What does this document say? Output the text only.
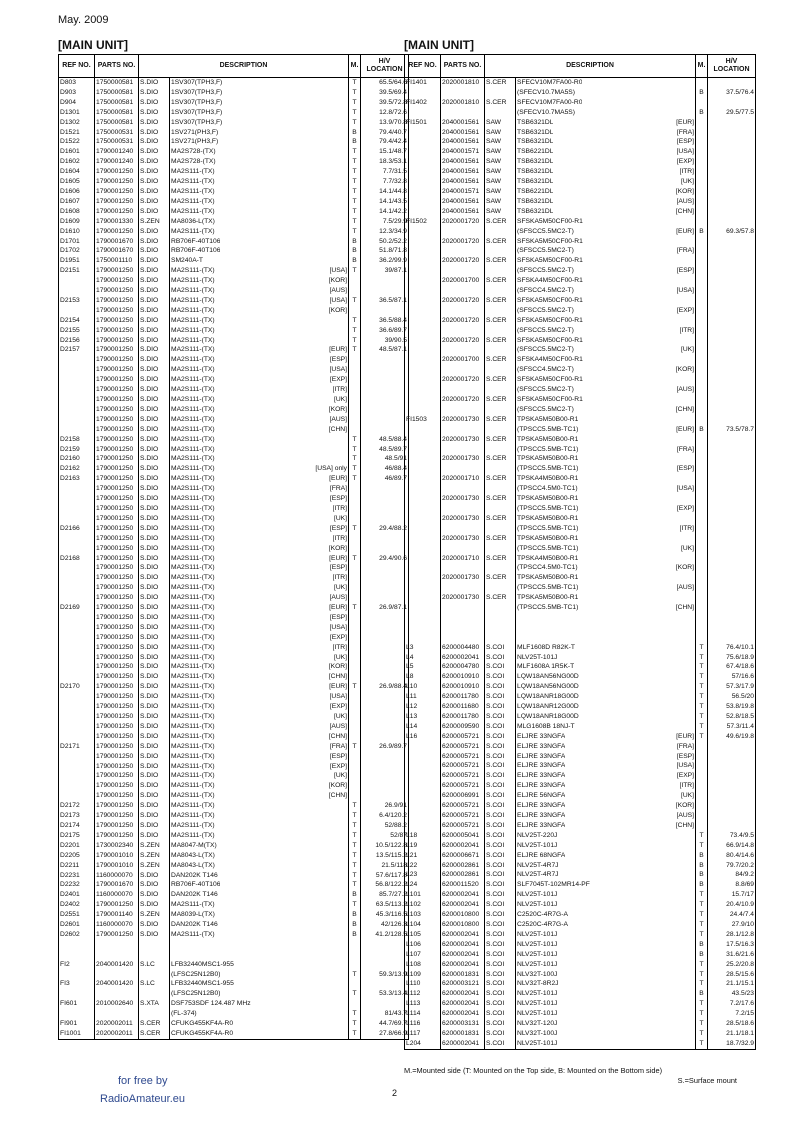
May. 2009
[MAIN UNIT]
REF NO.	PARTS NO.	DESCRIPTION		M.	H/V LOCATION
D803	1750000581	S.DIO	1SV307(TPH3,F)	T	65.5/64.6
D903	1750000581	S.DIO	1SV307(TPH3,F)	T	39.5/69.4
D904	1750000581	S.DIO	1SV307(TPH3,F)	T	39.5/72.8
D1301	1750000581	S.DIO	1SV307(TPH3,F)	T	12.8/72.6
D1302	1750000581	S.DIO	1SV307(TPH3,F)	T	13.9/70.8
D1521	1750000531	S.DIO	1SV271(PH3,F)	B	79.4/40.7
D1522	1750000531	S.DIO	1SV271(PH3,F)	B	79.4/42.4
D1601	1790001240	S.DIO	MA2S728-(TX)	T	15.1/48.7
D1602	1790001240	S.DIO	MA2S728-(TX)	T	18.3/53.1
D1604	1790001250	S.DIO	MA2S111-(TX)	T	7.7/31.5
D1605	1790001250	S.DIO	MA2S111-(TX)	T	7.7/32.8
D1606	1790001250	S.DIO	MA2S111-(TX)	T	14.1/44.8
D1607	1790001250	S.DIO	MA2S111-(TX)	T	14.1/43.5
D1608	1790001250	S.DIO	MA2S111-(TX)	T	14.1/42.2
D1609	1790001330	S.ZEN	MA8036-L(TX)	T	7.5/29.9
D1610	1790001250	S.DIO	MA2S111-(TX)	T	12.3/34.9
D1701	1790001670	S.DIO	RB706F-40T106	B	50.2/52.2
D1702	1790001670	S.DIO	RB706F-40T106	B	51.8/71.8
D1951	1750001110	S.DIO	SM240A-T	B	36.2/99.9
D2151	1790001250	S.DIO	MA2S111-(TX) [USA]	T	39/87.1
	1790001250	S.DIO	MA2S111-(TX) [KOR]		

	1790001250	S.DIO	MA2S111-(TX) [AUS]		

D2153	1790001250	S.DIO	MA2S111-(TX) [USA]	T	36.5/87.1
	1790001250	S.DIO	MA2S111-(TX) [KOR]		

D2154	1790001250	S.DIO	MA2S111-(TX)	T	36.5/88.4
D2155	1790001250	S.DIO	MA2S111-(TX)	T	36.6/89.7
D2156	1790001250	S.DIO	MA2S111-(TX)	T	39/90.5
D2157	1790001250	S.DIO	MA2S111-(TX) [EUR]	T	48.5/87.1
	1790001250	S.DIO	MA2S111-(TX) [ESP]		

	1790001250	S.DIO	MA2S111-(TX) [USA]		

	1790001250	S.DIO	MA2S111-(TX) [EXP]		

	1790001250	S.DIO	MA2S111-(TX) [ITR]		

	1790001250	S.DIO	MA2S111-(TX) [UK]		

	1790001250	S.DIO	MA2S111-(TX) [KOR]		

	1790001250	S.DIO	MA2S111-(TX) [AUS]		

	1790001250	S.DIO	MA2S111-(TX) [CHN]		

D2158	1790001250	S.DIO	MA2S111-(TX)	T	48.5/88.4
D2159	1790001250	S.DIO	MA2S111-(TX)	T	48.5/89.7
D2160	1790001250	S.DIO	MA2S111-(TX)	T	48.5/91
D2162	1790001250	S.DIO	MA2S111-(TX) [USA] only	T	46/88.4
D2163	1790001250	S.DIO	MA2S111-(TX) [EUR]	T	46/89.7
	1790001250	S.DIO	MA2S111-(TX) [FRA]		

	1790001250	S.DIO	MA2S111-(TX) [ESP]		

	1790001250	S.DIO	MA2S111-(TX) [ITR]		

	1790001250	S.DIO	MA2S111-(TX) [UK]		

D2166	1790001250	S.DIO	MA2S111-(TX) [ESP]	T	29.4/88.2
	1790001250	S.DIO	MA2S111-(TX) [ITR]		

	1790001250	S.DIO	MA2S111-(TX) [KOR]		

D2168	1790001250	S.DIO	MA2S111-(TX) [EUR]	T	29.4/90.6
	1790001250	S.DIO	MA2S111-(TX) [ESP]		

	1790001250	S.DIO	MA2S111-(TX) [ITR]		

	1790001250	S.DIO	MA2S111-(TX) [UK]		

	1790001250	S.DIO	MA2S111-(TX) [AUS]		

D2169	1790001250	S.DIO	MA2S111-(TX) [EUR]	T	26.9/87.1
	1790001250	S.DIO	MA2S111-(TX) [ESP]		

	1790001250	S.DIO	MA2S111-(TX) [USA]		

	1790001250	S.DIO	MA2S111-(TX) [EXP]		

	1790001250	S.DIO	MA2S111-(TX) [ITR]		

	1790001250	S.DIO	MA2S111-(TX) [UK]		

	1790001250	S.DIO	MA2S111-(TX) [KOR]		

	1790001250	S.DIO	MA2S111-(TX) [CHN]		

D2170	1790001250	S.DIO	MA2S111-(TX) [EUR]	T	26.9/88.4
	1790001250	S.DIO	MA2S111-(TX) [USA]		

	1790001250	S.DIO	MA2S111-(TX) [EXP]		

	1790001250	S.DIO	MA2S111-(TX) [UK]		

	1790001250	S.DIO	MA2S111-(TX) [AUS]		

	1790001250	S.DIO	MA2S111-(TX) [CHN]		

D2171	1790001250	S.DIO	MA2S111-(TX) [FRA]	T	26.9/89.7
	1790001250	S.DIO	MA2S111-(TX) [ESP]		

	1790001250	S.DIO	MA2S111-(TX) [EXP]		

	1790001250	S.DIO	MA2S111-(TX) [UK]		

	1790001250	S.DIO	MA2S111-(TX) [KOR]		

	1790001250	S.DIO	MA2S111-(TX) [CHN]		

D2172	1790001250	S.DIO	MA2S111-(TX)	T	26.9/91
D2173	1790001250	S.DIO	MA2S111-(TX)	T	6.4/120.2
D2174	1790001250	S.DIO	MA2S111-(TX)	T	52/88.2
D2175	1790001250	S.DIO	MA2S111-(TX)	T	52/87
D2201	1730002340	S.ZEN	MA8047-M(TX)	T	10.5/122.8
D2205	1790001010	S.ZEN	MA8043-L(TX)	T	13.5/115.2
D2211	1790001010	S.ZEN	MA8043-L(TX)	T	21.5/118
D2231	1160000070	S.DIO	DAN202K T146	T	57.6/117.8
D2232	1790001670	S.DIO	RB706F-40T106	T	56.8/122.2
D2401	1160000070	S.DIO	DAN202K T146	B	85.7/27.2
D2402	1790001250	S.DIO	MA2S111-(TX)	T	63.5/113.2
D2551	1790001140	S.ZEN	MA8039-L(TX)	B	45.3/116.5
D2601	1160000070	S.DIO	DAN202K T146	B	42/126.3
D2602	1790001250	S.DIO	MA2S111-(TX)	B	41.2/128.5

FI2	2040001420	S.LC	LFB32440MSC1-955		

			(LFSC25N12B0)	T	59.3/13.9
FI3	2040001420	S.LC	LFB32440MSC1-955		

			(LFSC25N12B0)	T	53.3/13.4
FI601	2010002640	S.XTA	DSF753SDF 124.487 MHz		

			(FL-374)	T	81/43.7
FI901	2020002011	S.CER	CFUKG455KF4A-R0	T	44.7/69.7
FI1001	2020002011	S.CER	CFUKG455KF4A-R0	T	27.8/66.9
[MAIN UNIT]
REF NO.	PARTS NO.	DESCRIPTION		M.	H/V LOCATION
FI1401	2020001810	S.CER	SFECV10M7FA00-R0		

			(SFECV10.7MA5S)	B	37.5/76.4
FI1402	2020001810	S.CER	SFECV10M7FA00-R0		

			(SFECV10.7MA5S)	B	29.5/77.5
FI1501	2040001561	SAW	TSB6321DL [EUR]		

	2040001561	SAW	TSB6321DL [FRA]		

	2040001561	SAW	TSB6321DL [ESP]		

	2040001571	SAW	TSB6221DL [USA]		

	2040001561	SAW	TSB6321DL [EXP]		

	2040001561	SAW	TSB6321DL [ITR]		

	2040001561	SAW	TSB6321DL [UK]		

	2040001571	SAW	TSB6221DL [KOR]		

	2040001561	SAW	TSB6321DL [AUS]		

	2040001561	SAW	TSB6321DL [CHN]		

FI1502	2020001720	S.CER	SFSKA5M50CF00-R1		

			(SFSCC5.5MC2-T) [EUR]	B	69.3/57.8
	2020001720	S.CER	SFSKA5M50CF00-R1		

			(SFSCC5.5MC2-T) [FRA]		

	2020001720	S.CER	SFSKA5M50CF00-R1		

			(SFSCC5.5MC2-T) [ESP]		

	2020001700	S.CER	SFSKA4M50CF00-R1		

			(SFSCC4.5MC2-T) [USA]		

	2020001720	S.CER	SFSKA5M50CF00-R1		

			(SFSCC5.5MC2-T) [EXP]		

	2020001720	S.CER	SFSKA5M50CF00-R1		

			(SFSCC5.5MC2-T) [ITR]		

	2020001720	S.CER	SFSKA5M50CF00-R1		

			(SFSCC5.5MC2-T) [UK]		

	2020001700	S.CER	SFSKA4M50CF00-R1		

			(SFSCC4.5MC2-T) [KOR]		

	2020001720	S.CER	SFSKA5M50CF00-R1		

			(SFSCC5.5MC2-T) [AUS]		

	2020001720	S.CER	SFSKA5M50CF00-R1		

			(SFSCC5.5MC2-T) [CHN]		

FI1503	2020001730	S.CER	TPSKA5M50B00-R1		

			(TPSCC5.5MB-TC1) [EUR]	B	73.5/78.7
	2020001730	S.CER	TPSKA5M50B00-R1		

			(TPSCC5.5MB-TC1) [FRA]		

	2020001730	S.CER	TPSKA5M50B00-R1		

			(TPSCC5.5MB-TC1) [ESP]		

	2020001710	S.CER	TPSKA4M50B00-R1		

			(TPSCC4.5M0-TC1) [USA]		

	2020001730	S.CER	TPSKA5M50B00-R1		

			(TPSCC5.5MB-TC1) [EXP]		

	2020001730	S.CER	TPSKA5M50B00-R1		

			(TPSCC5.5MB-TC1) [ITR]		

	2020001730	S.CER	TPSKA5M50B00-R1		

			(TPSCC5.5MB-TC1) [UK]		

	2020001710	S.CER	TPSKA4M50B00-R1		

			(TPSCC4.5M0-TC1) [KOR]		

	2020001730	S.CER	TPSKA5M50B00-R1		

			(TPSCC5.5MB-TC1) [AUS]		

	2020001730	S.CER	TPSKA5M50B00-R1		

			(TPSCC5.5MB-TC1) [CHN]		

L3	6200004480	S.COI	MLF1608D R82K-T	T	76.4/10.1
L4	6200002041	S.COI	NLV25T-101J	T	75.6/18.9
L5	6200004780	S.COI	MLF1608A 1R5K-T	T	67.4/18.6
L8	6200010910	S.COI	LQW18AN56NG00D	T	57/16.6
L10	6200010910	S.COI	LQW18AN56NG00D	T	57.3/17.9
L11	6200011780	S.COI	LQW18ANR18G00D	T	56.5/20
L12	6200011680	S.COI	LQW18ANR12G00D	T	53.8/19.8
L13	6200011780	S.COI	LQW18ANR18G00D	T	52.8/18.5
L14	6200009590	S.COI	MLG1608B 18NJ-T	T	57.3/11.4
L16	6200005721	S.COI	ELJRE 33NGFA [EUR]	T	49.6/19.8
	6200005721	S.COI	ELJRE 33NGFA [FRA]		

	6200005721	S.COI	ELJRE 33NGFA [ESP]		

	6200005721	S.COI	ELJRE 33NGFA [USA]		

	6200005721	S.COI	ELJRE 33NGFA [EXP]		

	6200005721	S.COI	ELJRE 33NGFA [ITR]		

	6200006991	S.COI	ELJRE 56NGFA [UK]		

	6200005721	S.COI	ELJRE 33NGFA [KOR]		

	6200005721	S.COI	ELJRE 33NGFA [AUS]		

	6200005721	S.COI	ELJRE 33NGFA [CHN]		

L18	6200005041	S.COI	NLV25T-220J	T	73.4/9.5
L19	6200002041	S.COI	NLV25T-101J	T	66.9/14.8
L21	6200006671	S.COI	ELJRE 68NGFA	B	80.4/14.6
L22	6200002861	S.COI	NLV25T-4R7J	B	79.7/20.2
L23	6200002861	S.COI	NLV25T-4R7J	B	84/9.2
L24	6200011520	S.COI	SLF7045T-102MR14-PF	B	8.8/69
L101	6200002041	S.COI	NLV25T-101J	T	15.7/17
L102	6200002041	S.COI	NLV25T-101J	T	20.4/10.9
L103	6200010800	S.COI	C2520C-4R7G-A	T	24.4/7.4
L104	6200010800	S.COI	C2520C-4R7G-A	T	27.9/10
L105	6200002041	S.COI	NLV25T-101J	T	28.1/12.8
L106	6200002041	S.COI	NLV25T-101J	B	17.5/16.3
L107	6200002041	S.COI	NLV25T-101J	B	31.6/21.6
L108	6200002041	S.COI	NLV25T-101J	T	25.2/20.8
L109	6200001831	S.COI	NLV32T-100J	T	28.5/15.6
L110	6200003121	S.COI	NLV32T-8R2J	T	21.1/15.1
L112	6200002041	S.COI	NLV25T-101J	B	43.5/23
L113	6200002041	S.COI	NLV25T-101J	T	7.2/17.6
L114	6200002041	S.COI	NLV25T-101J	T	7.2/15
L116	6200003131	S.COI	NLV32T-120J	T	28.5/18.6
L117	6200001831	S.COI	NLV32T-100J	T	21.1/18.1
L204	6200002041	S.COI	NLV25T-101J	T	18.7/32.9
M.=Mounted side (T: Mounted on the Top side, B: Mounted on the Bottom side)
S.=Surface mount
2
for free by
RadioAmateur.eu
